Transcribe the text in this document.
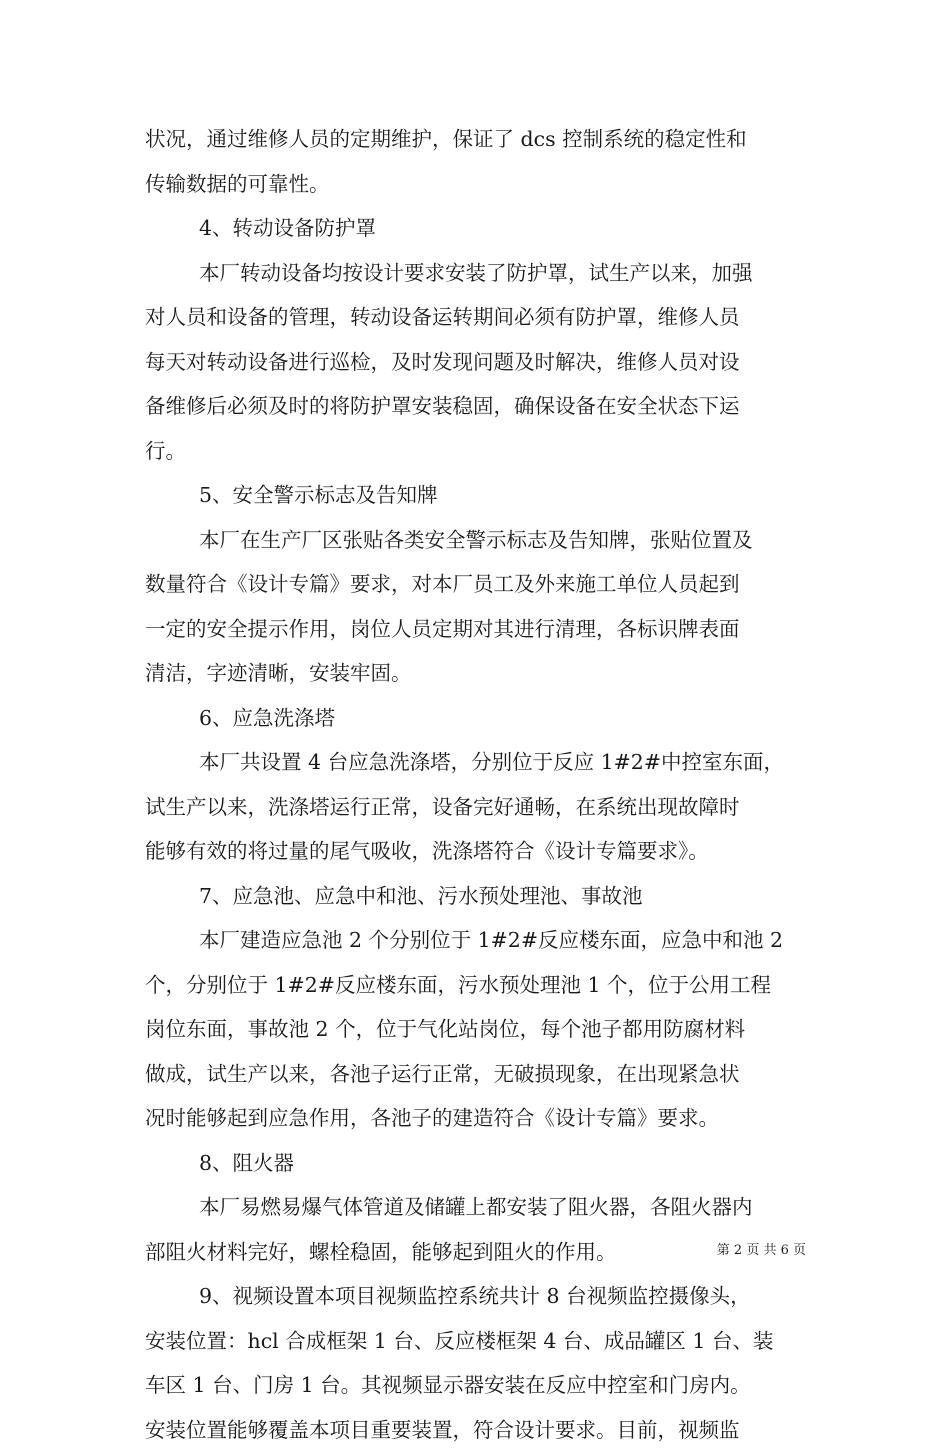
状况，通过维修人员的定期维护，保证了 dcs 控制系统的稳定性和
传输数据的可靠性。
4、转动设备防护罩
本厂转动设备均按设计要求安装了防护罩，试生产以来，加强
对人员和设备的管理，转动设备运转期间必须有防护罩，维修人员
每天对转动设备进行巡检，及时发现问题及时解决，维修人员对设
备维修后必须及时的将防护罩安装稳固，确保设备在安全状态下运
行。
5、安全警示标志及告知牌
本厂在生产厂区张贴各类安全警示标志及告知牌，张贴位置及
数量符合《设计专篇》要求，对本厂员工及外来施工单位人员起到
一定的安全提示作用，岗位人员定期对其进行清理，各标识牌表面
清洁，字迹清晰，安装牢固。
6、应急洗涤塔
本厂共设置 4 台应急洗涤塔，分别位于反应 1#2#中控室东面，
试生产以来，洗涤塔运行正常，设备完好通畅，在系统出现故障时
能够有效的将过量的尾气吸收，洗涤塔符合《设计专篇要求》。
7、应急池、应急中和池、污水预处理池、事故池
本厂建造应急池 2 个分别位于 1#2#反应楼东面，应急中和池 2
个，分别位于 1#2#反应楼东面，污水预处理池 1 个，位于公用工程
岗位东面，事故池 2 个，位于气化站岗位，每个池子都用防腐材料
做成，试生产以来，各池子运行正常，无破损现象，在出现紧急状
况时能够起到应急作用，各池子的建造符合《设计专篇》要求。
8、阻火器
本厂易燃易爆气体管道及储罐上都安装了阻火器，各阻火器内
部阻火材料完好，螺栓稳固，能够起到阻火的作用。
9、视频设置本项目视频监控系统共计 8 台视频监控摄像头，
安装位置：hcl 合成框架 1 台、反应楼框架 4 台、成品罐区 1 台、装
车区 1 台、门房 1 台。其视频显示器安装在反应中控室和门房内。
安装位置能够覆盖本项目重要装置，符合设计要求。目前，视频监
第 2 页 共 6 页
